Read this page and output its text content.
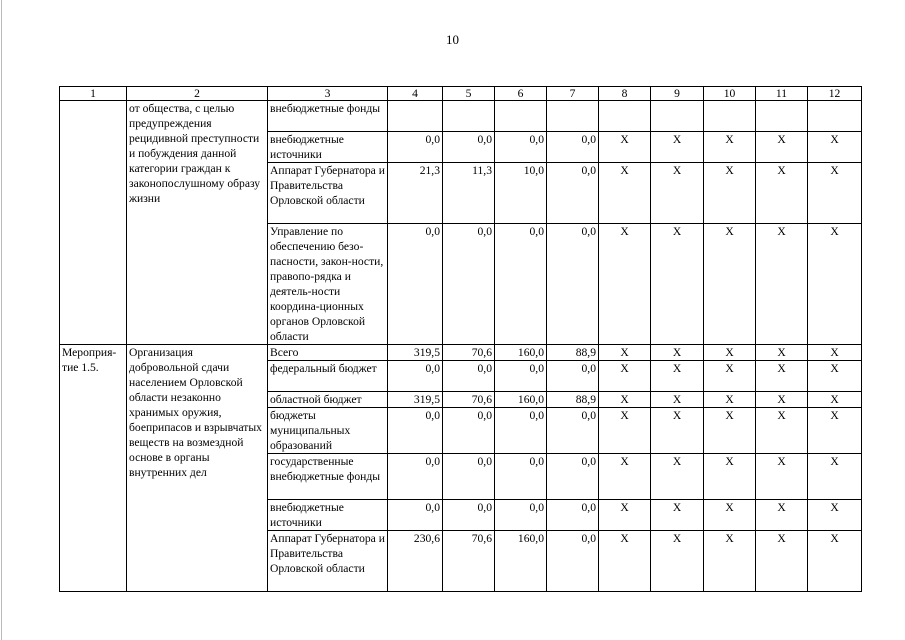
10
1	2	3	4	5	6	7	8	9	10	11	12
	от общества, с целью предупреждения рецидивной преступности и побуждения данной категории граждан к законопослушному образу жизни	внебюджетные фонды									
		внебюджетные источники	0,0	0,0	0,0	0,0	X	X	X	X	X
		Аппарат Губернатора и Правительства Орловской области	21,3	11,3	10,0	0,0	X	X	X	X	X
		Управление по обеспечению безо-пасности, закон-ности, правопо-рядка и деятель-ности координа-ционных органов Орловской области	0,0	0,0	0,0	0,0	X	X	X	X	X
Мероприя-тие 1.5.	Организация добровольной сдачи населением Орловской области незаконно хранимых оружия, боеприпасов и взрывчатых веществ на возмездной основе в органы внутренних дел	Всего	319,5	70,6	160,0	88,9	X	X	X	X	X
		федеральный бюджет	0,0	0,0	0,0	0,0	X	X	X	X	X
		областной бюджет	319,5	70,6	160,0	88,9	X	X	X	X	X
		бюджеты муниципальных образований	0,0	0,0	0,0	0,0	X	X	X	X	X
		государственные внебюджетные фонды	0,0	0,0	0,0	0,0	X	X	X	X	X
		внебюджетные источники	0,0	0,0	0,0	0,0	X	X	X	X	X
		Аппарат Губернатора и Правительства Орловской области	230,6	70,6	160,0	0,0	X	X	X	X	X
